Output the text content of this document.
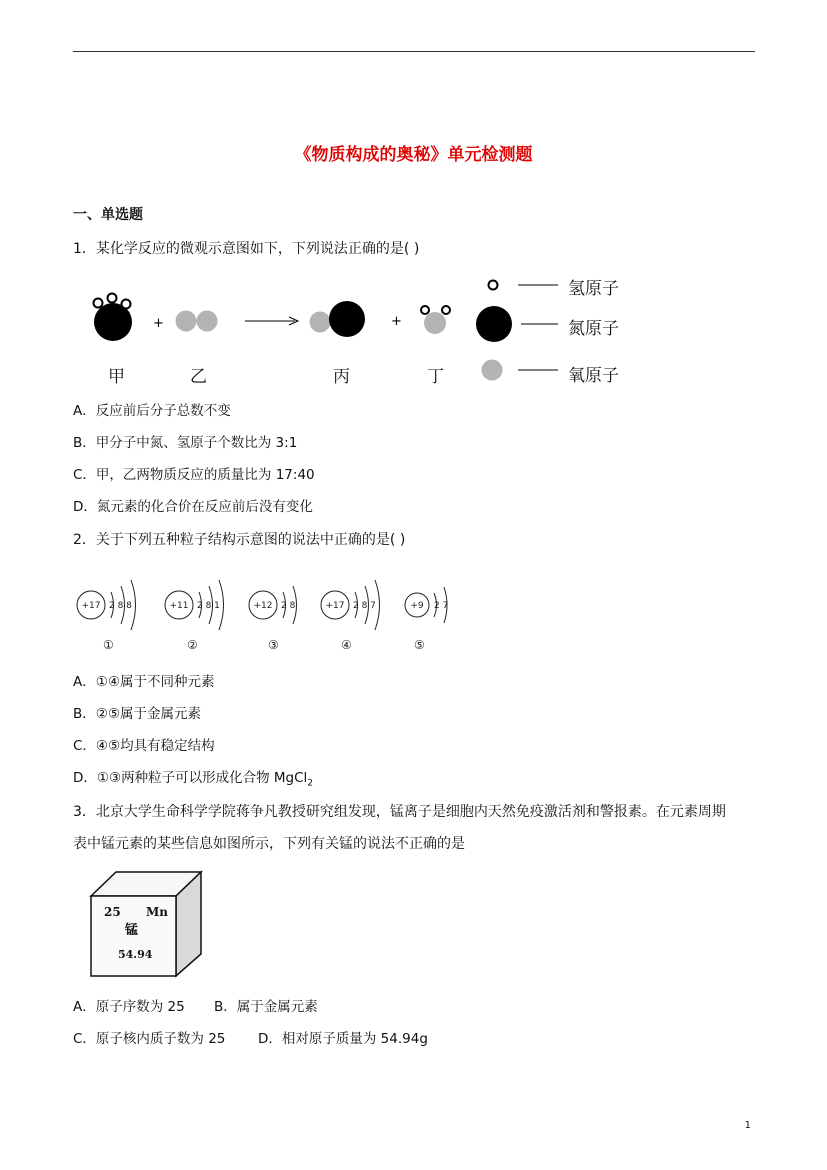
《物质构成的奥秘》单元检测题
一、单选题
1．某化学反应的微观示意图如下，下列说法正确的是( )
+	+
氢原子
氮原子
氧原子
甲	乙	丙	丁
A．反应前后分子总数不变
B．甲分子中氮、氢原子个数比为 3:1
C．甲，乙两物质反应的质量比为 17:40
D．氮元素的化合价在反应前后没有变化
2．关于下列五种粒子结构示意图的说法中正确的是( )
+17 2 8 8
①
+11 2 8 1
②
+12 2 8
③
+17 2 8 7
④
+9 2 7
⑤
A．①④属于不同种元素
B．②⑤属于金属元素
C．④⑤均具有稳定结构
D．①③两种粒子可以形成化合物 MgCl$_2$
3．北京大学生命科学学院蒋争凡教授研究组发现，锰离子是细胞内天然免疫激活剂和警报素。在元素周期
表中锰元素的某些信息如图所示，下列有关锰的说法不正确的是
25 Mn
锰
54.94
A．原子序数为 25 B．属于金属元素
C．原子核内质子数为 25 D．相对原子质量为 54.94g
1
